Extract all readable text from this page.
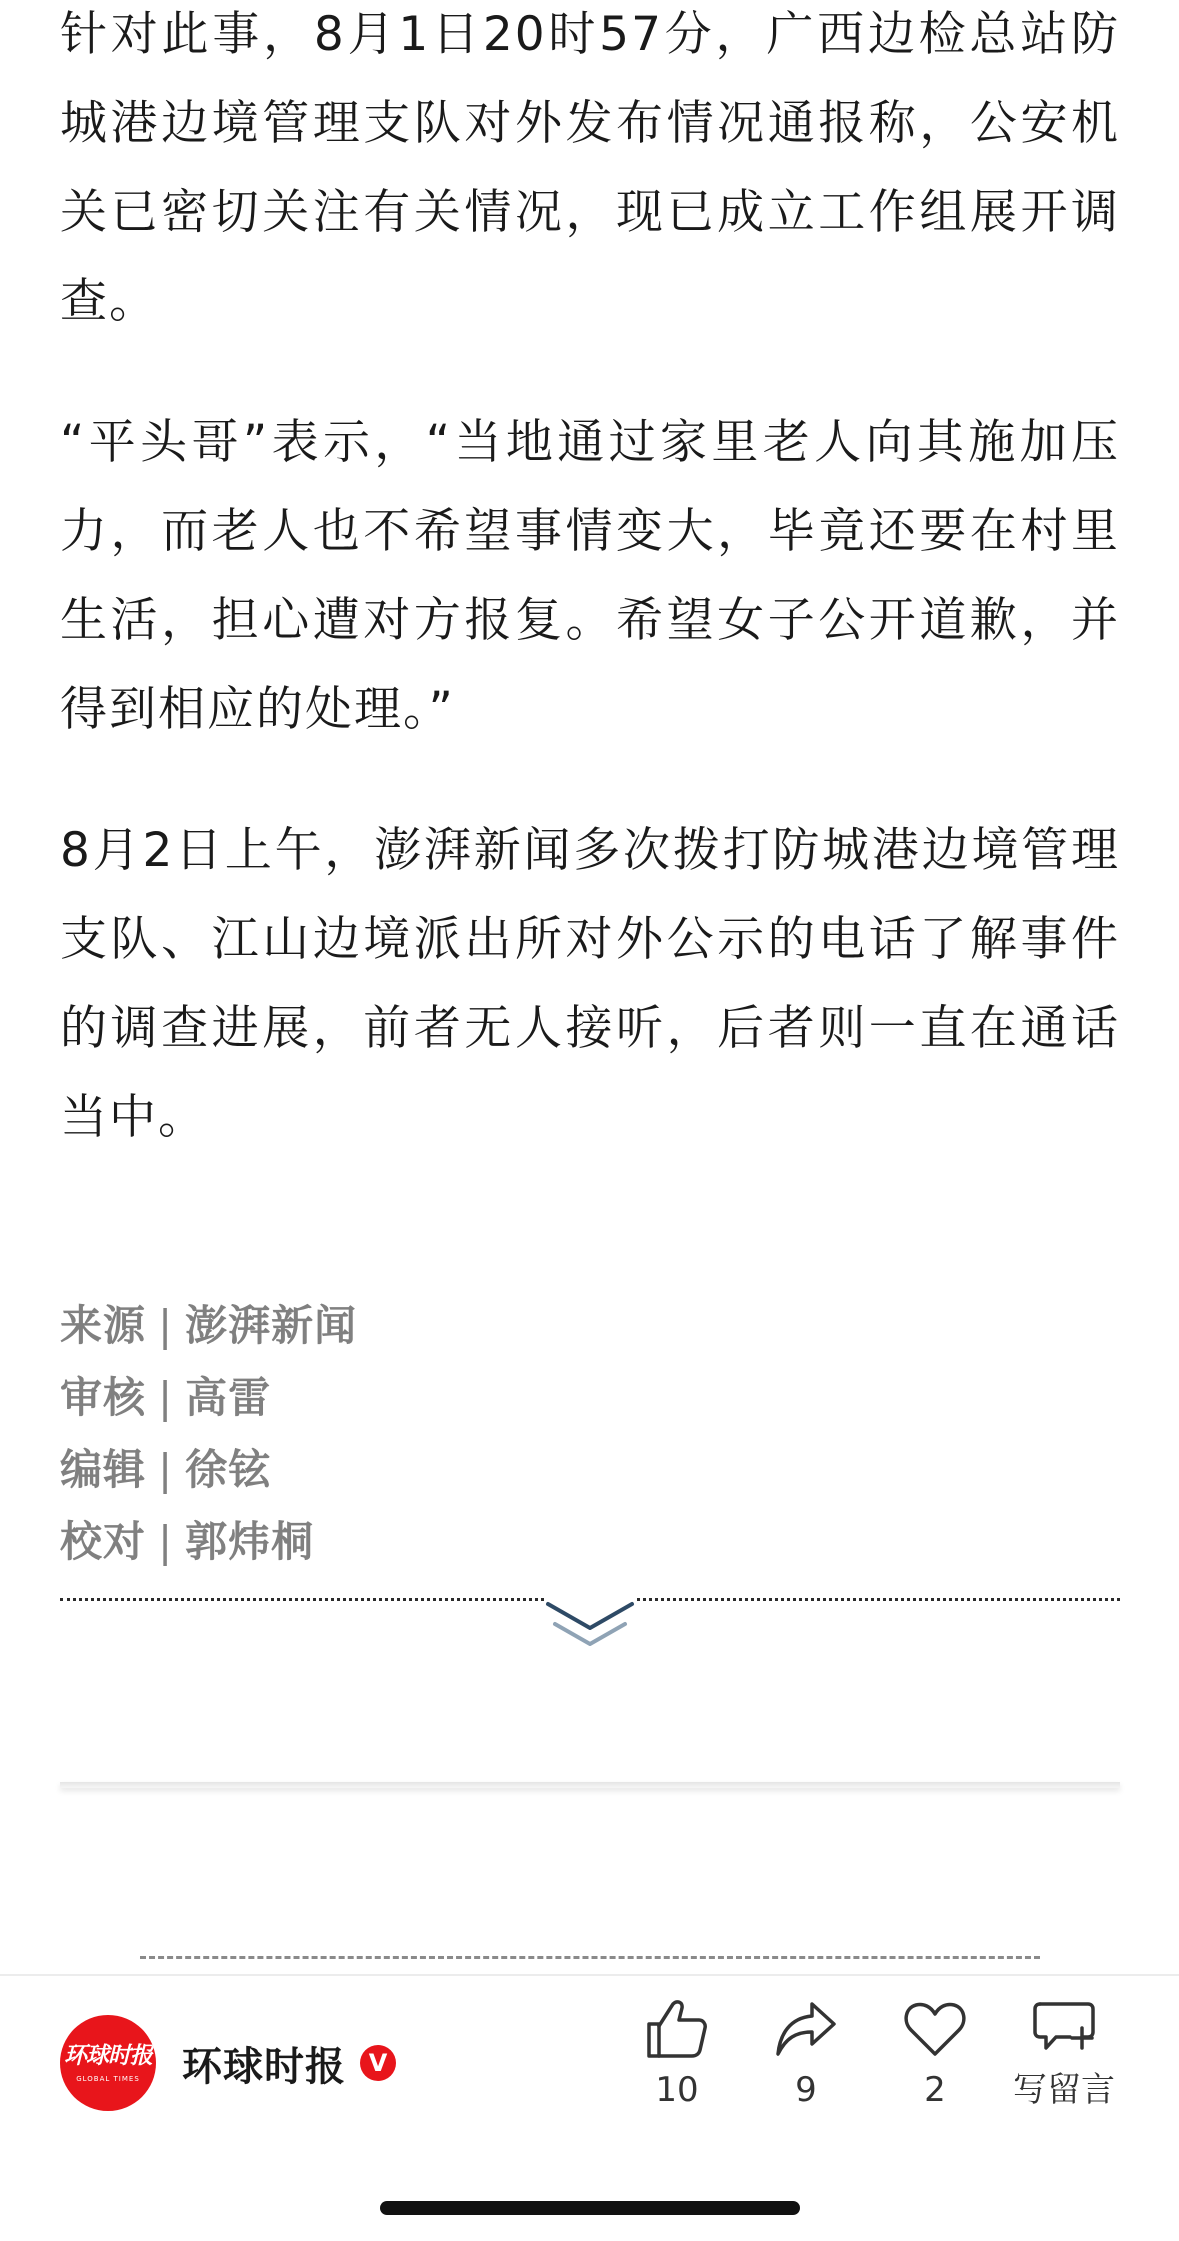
针对此事，8月1日20时57分，广西边检总站防城港边境管理支队对外发布情况通报称，公安机关已密切关注有关情况，现已成立工作组展开调查。

“平头哥”表示，“当地通过家里老人向其施加压力，而老人也不希望事情变大，毕竟还要在村里生活，担心遭对方报复。希望女子公开道歉，并得到相应的处理。”

8月2日上午，澎湃新闻多次拨打防城港边境管理支队、江山边境派出所对外公示的电话了解事件的调查进展，前者无人接听，后者则一直在通话当中。

来源 | 澎湃新闻
审核 | 高雷
编辑 | 徐铉
校对 | 郭炜桐
环球时报
GLOBAL TIMES	环球时报 V
10	9	2	写留言
